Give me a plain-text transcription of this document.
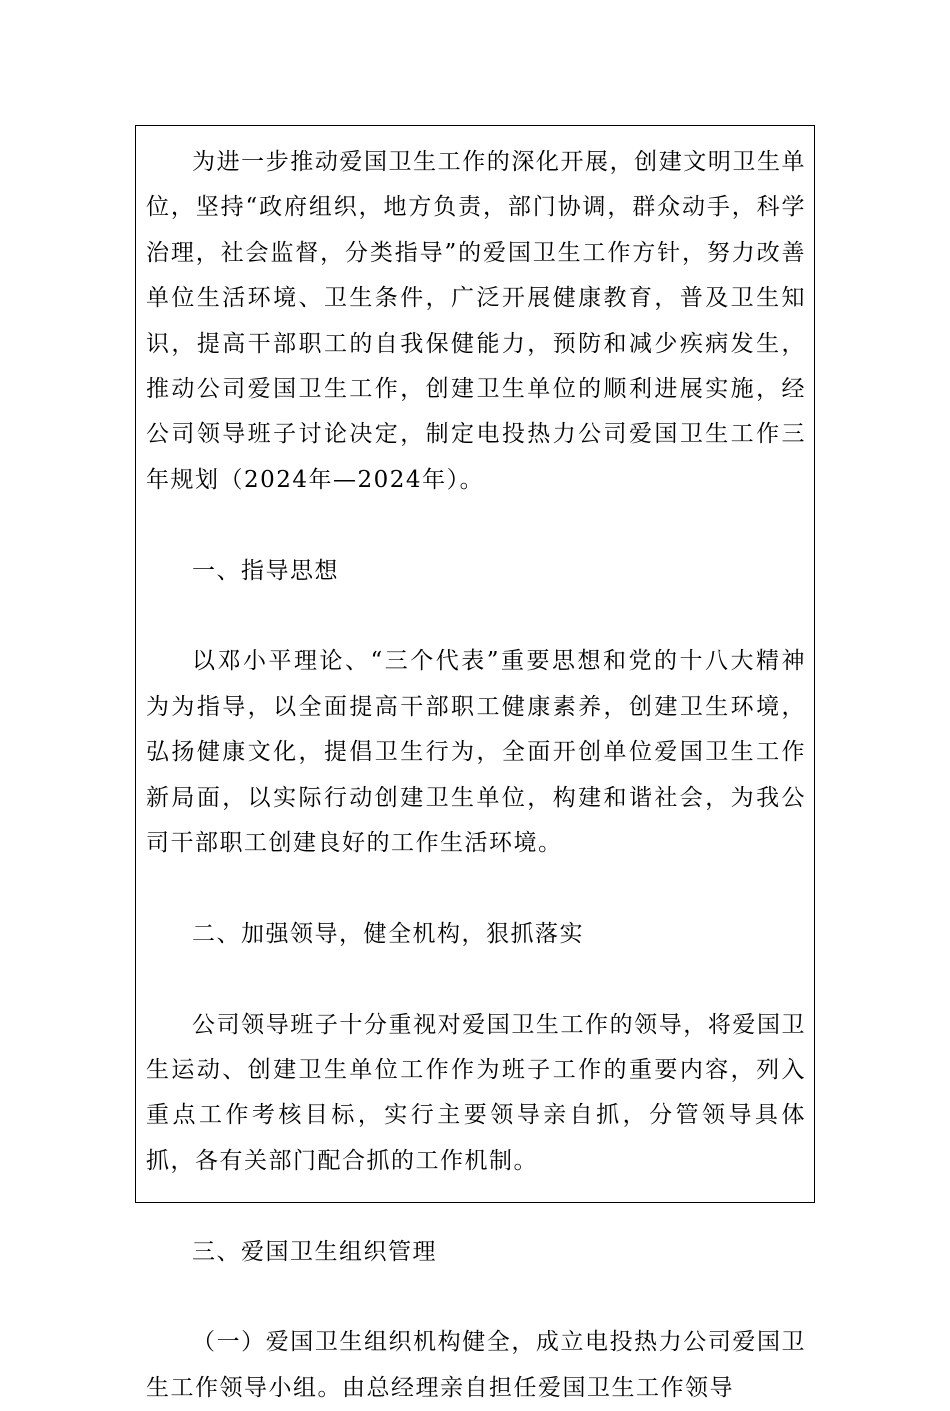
为进一步推动爱国卫生工作的深化开展，创建文明卫生单位，坚持“政府组织，地方负责，部门协调，群众动手，科学治理，社会监督，分类指导”的爱国卫生工作方针，努力改善单位生活环境、卫生条件，广泛开展健康教育，普及卫生知识，提高干部职工的自我保健能力，预防和减少疾病发生，推动公司爱国卫生工作，创建卫生单位的顺利进展实施，经公司领导班子讨论决定，制定电投热力公司爱国卫生工作三年规划（2024年—2024年）。

一、指导思想

以邓小平理论、“三个代表”重要思想和党的十八大精神为为指导，以全面提高干部职工健康素养，创建卫生环境，弘扬健康文化，提倡卫生行为，全面开创单位爱国卫生工作新局面，以实际行动创建卫生单位，构建和谐社会，为我公司干部职工创建良好的工作生活环境。

二、加强领导，健全机构，狠抓落实

公司领导班子十分重视对爱国卫生工作的领导，将爱国卫生运动、创建卫生单位工作作为班子工作的重要内容，列入重点工作考核目标，实行主要领导亲自抓，分管领导具体抓，各有关部门配合抓的工作机制。

三、爱国卫生组织管理

（一）爱国卫生组织机构健全，成立电投热力公司爱国卫生工作领导小组。由总经理亲自担任爱国卫生工作领导
